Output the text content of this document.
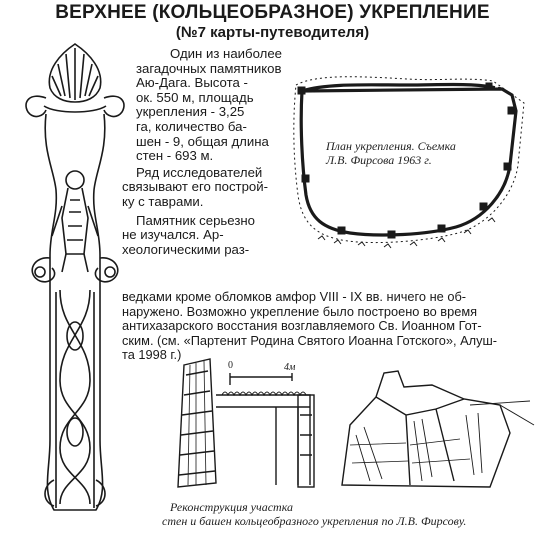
ВЕРХНЕЕ (КОЛЬЦЕОБРАЗНОЕ) УКРЕПЛЕНИЕ
(№7 карты-путеводителя)
Один из наиболее
загадочных памятников
Аю-Дага. Высота -
ок. 550 м, площадь
укрепления - 3,25
га, количество ба-
шен - 9, общая длина
стен - 693 м.
Ряд исследователей
связывают его построй-
ку с таврами.
Памятник серьезно
не изучался. Ар-
хеологическими раз-
ведками кроме обломков амфор VIII - IX вв. ничего не об-
наружено. Возможно укрепление было построено во время
антихазарского восстания возглавляемого Св. Иоанном Гот-
ским. (см. «Партенит Родина Святого Иоанна Готского», Алуш-
та 1998 г.)
План укрепления. Съемка
Л.В. Фирсова 1963 г.
0	4м
Реконструкция участка
стен и башен кольцеобразного укрепления по Л.В. Фирсову.
